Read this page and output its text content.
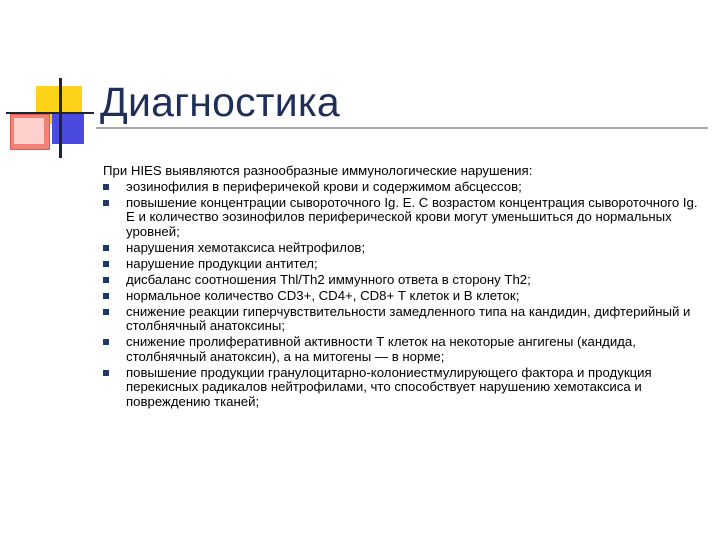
Диагностика

При HIES выявляются разнообразные иммунологические нарушения:

эозинофилия в периферичекой крови и содержимом абсцессов;
повышение концентрации сывороточного Ig. E. С возрастом концентрация сывороточного Ig. E и количество эозинофилов периферической крови могут уменьшиться до нормальных уровней;
нарушения хемотаксиса нейтрофилов;
нарушение продукции антител;
дисбаланс соотношения Thl/Th2 иммунного ответа в сторону Th2;
нормальное количество CD3+, CD4+, CD8+ Т клеток и В клеток;
снижение реакции гиперчувствительности замедленного типа на кандидин, дифтерийный и столбнячный анатоксины;
снижение пролиферативной активности Т клеток на некоторые ангигены (кандида, столбнячный анатоксин), а на митогены — в норме;
повышение продукции гранулоцитарно-колониестмулирующего фактора и продукция перекисных радикалов нейтрофилами, что способствует нарушению хемотаксиса и повреждению тканей;
